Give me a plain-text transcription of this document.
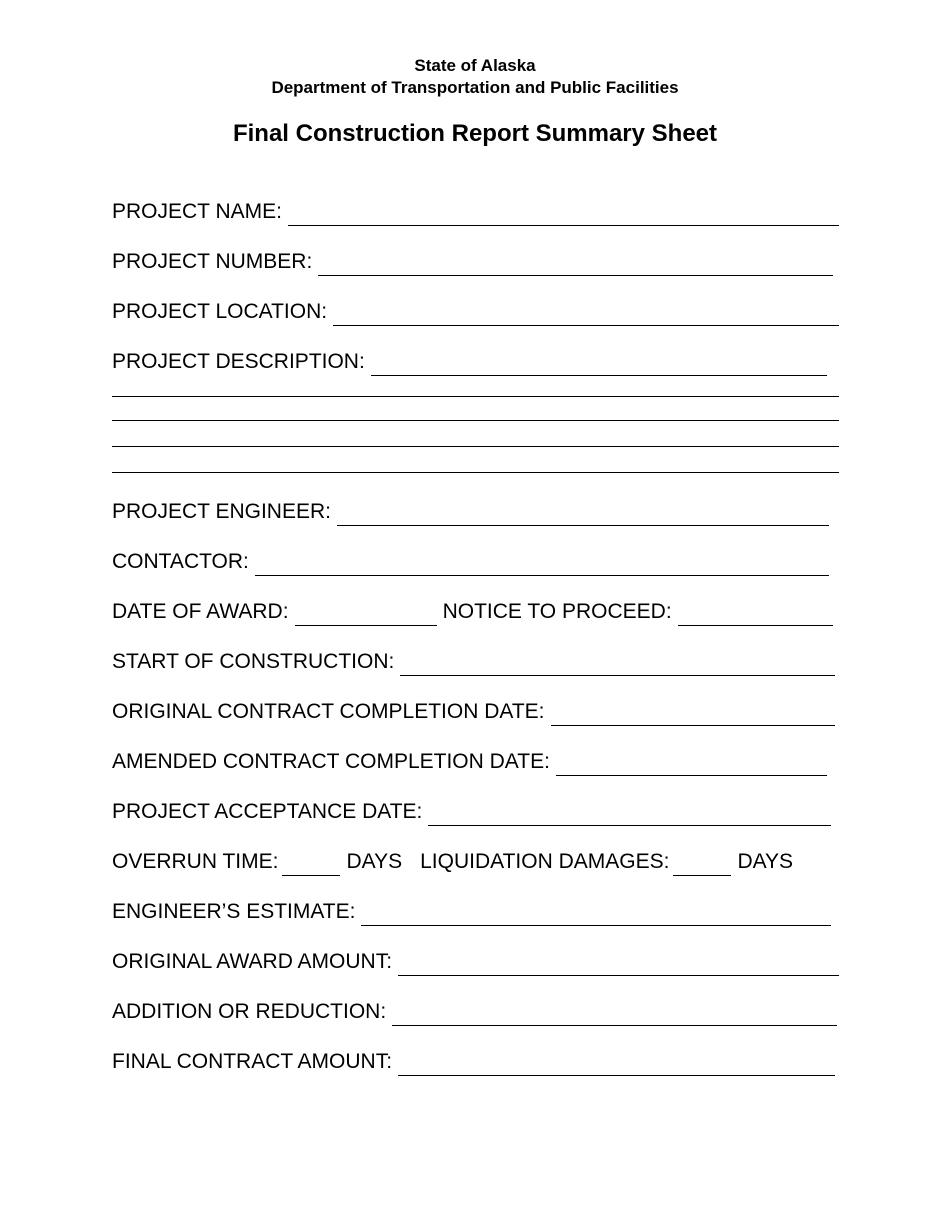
State of Alaska
Department of Transportation and Public Facilities
Final Construction Report Summary Sheet
PROJECT NAME:
PROJECT NUMBER:
PROJECT LOCATION:
PROJECT DESCRIPTION:
PROJECT ENGINEER:
CONTACTOR:
DATE OF AWARD:	NOTICE TO PROCEED:
START OF CONSTRUCTION:
ORIGINAL CONTRACT COMPLETION DATE:
AMENDED CONTRACT COMPLETION DATE:
PROJECT ACCEPTANCE DATE:
OVERRUN TIME:	DAYS LIQUIDATION DAMAGES:	DAYS
ENGINEER’S ESTIMATE:
ORIGINAL AWARD AMOUNT:
ADDITION OR REDUCTION:
FINAL CONTRACT AMOUNT:
